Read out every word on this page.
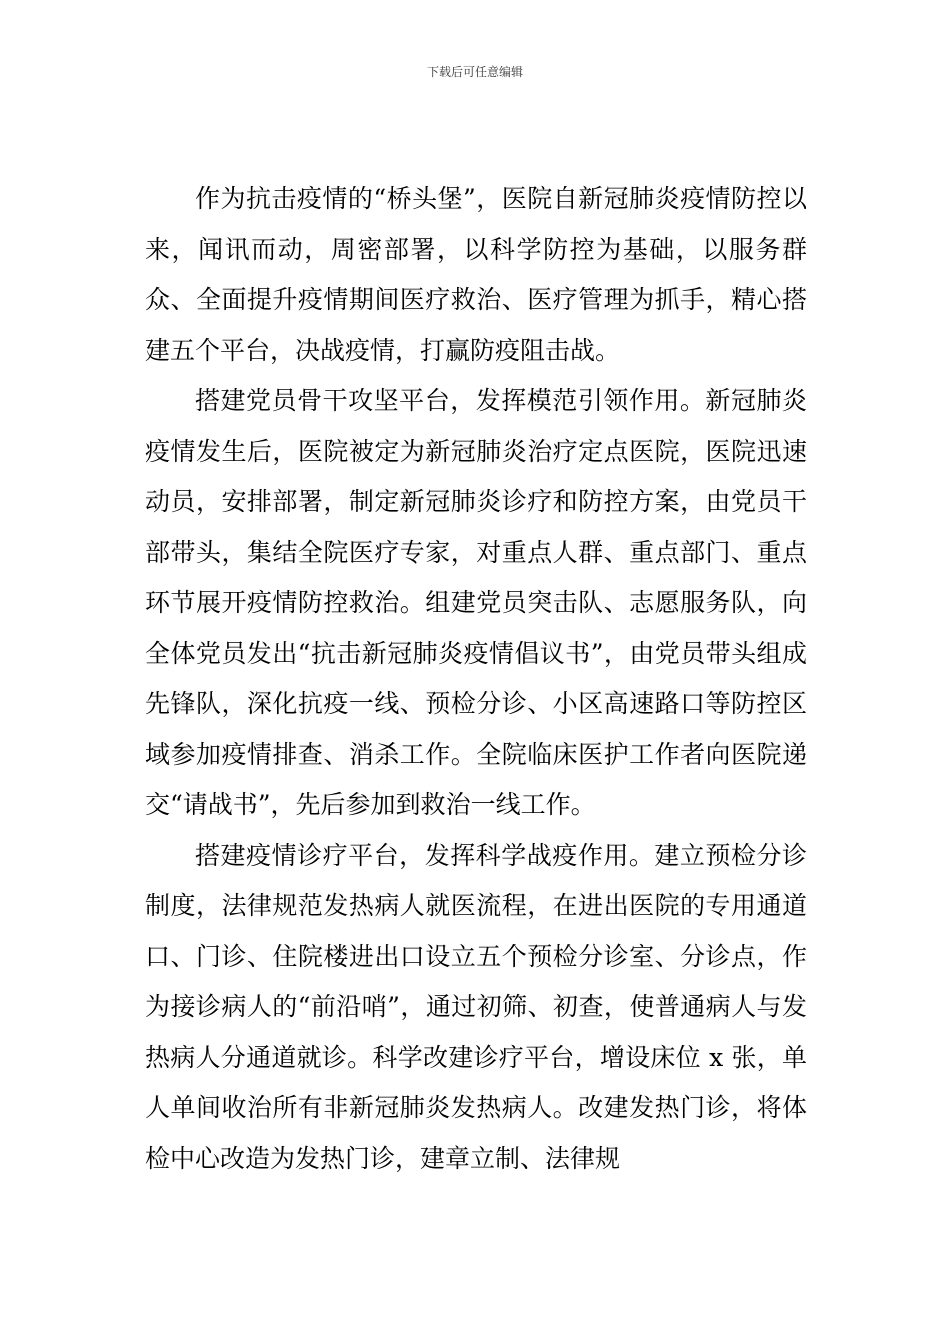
下载后可任意编辑

作为抗击疫情的“桥头堡”，医院自新冠肺炎疫情防控以来，闻讯而动，周密部署，以科学防控为基础，以服务群众、全面提升疫情期间医疗救治、医疗管理为抓手，精心搭建五个平台，决战疫情，打赢防疫阻击战。

搭建党员骨干攻坚平台，发挥模范引领作用。新冠肺炎疫情发生后，医院被定为新冠肺炎治疗定点医院，医院迅速动员，安排部署，制定新冠肺炎诊疗和防控方案，由党员干部带头，集结全院医疗专家，对重点人群、重点部门、重点环节展开疫情防控救治。组建党员突击队、志愿服务队，向全体党员发出“抗击新冠肺炎疫情倡议书”，由党员带头组成先锋队，深化抗疫一线、预检分诊、小区高速路口等防控区域参加疫情排查、消杀工作。全院临床医护工作者向医院递交“请战书”，先后参加到救治一线工作。

搭建疫情诊疗平台，发挥科学战疫作用。建立预检分诊制度，法律规范发热病人就医流程，在进出医院的专用通道口、门诊、住院楼进出口设立五个预检分诊室、分诊点，作为接诊病人的“前沿哨”，通过初筛、初查，使普通病人与发热病人分通道就诊。科学改建诊疗平台，增设床位 x 张，单人单间收治所有非新冠肺炎发热病人。改建发热门诊，将体检中心改造为发热门诊，建章立制、法律规
